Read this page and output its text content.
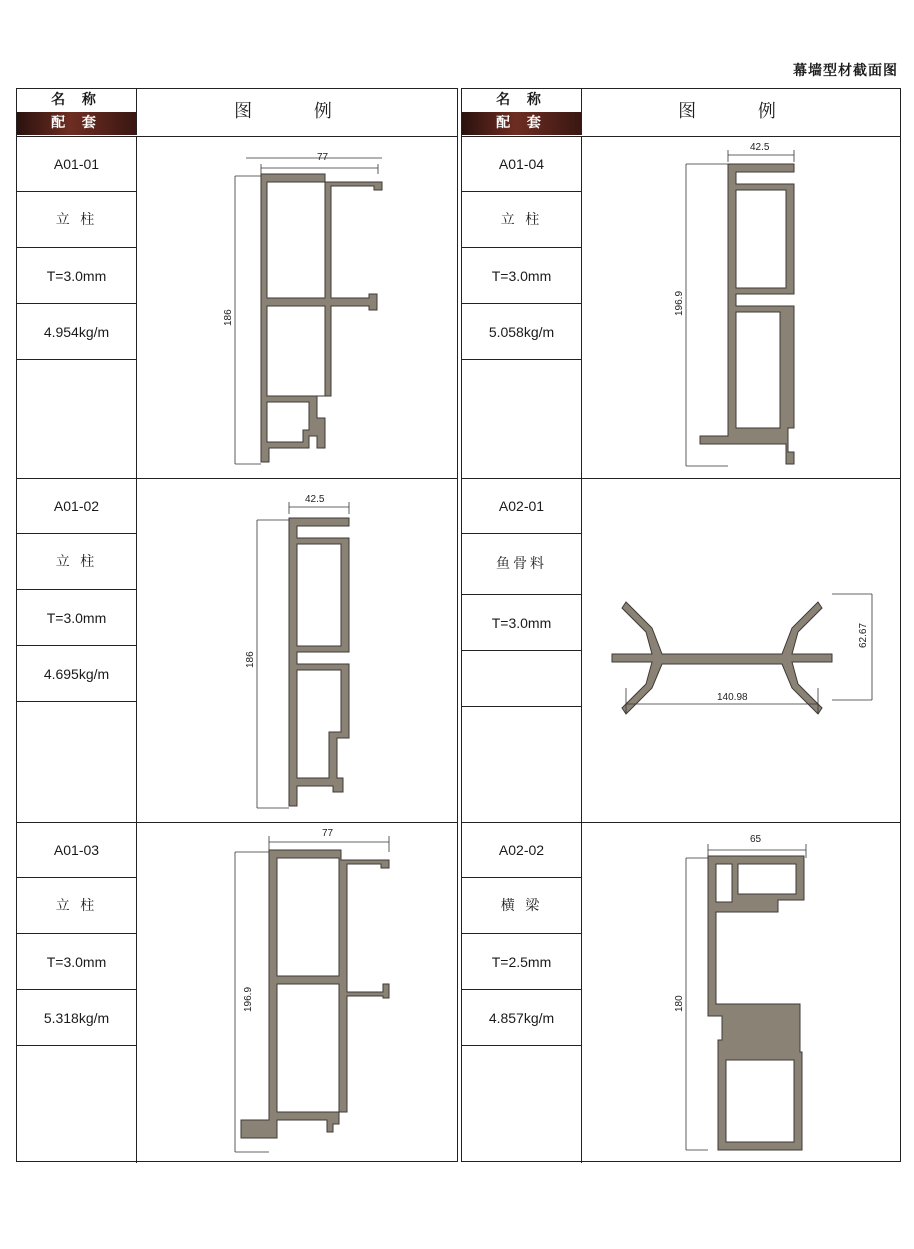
幕墙型材截面图
名 称
配 套
图 例
A01-01
立 柱
T=3.0mm
4.954kg/m
77
186
A01-02
立 柱
T=3.0mm
4.695kg/m
42.5
186
A01-03
立 柱
T=3.0mm
5.318kg/m
77
196.9
名 称
配 套
图 例
A01-04
立 柱
T=3.0mm
5.058kg/m
42.5
196.9
A02-01
鱼骨料
T=3.0mm
140.98
62.67
A02-02
横 梁
T=2.5mm
4.857kg/m
65
180
